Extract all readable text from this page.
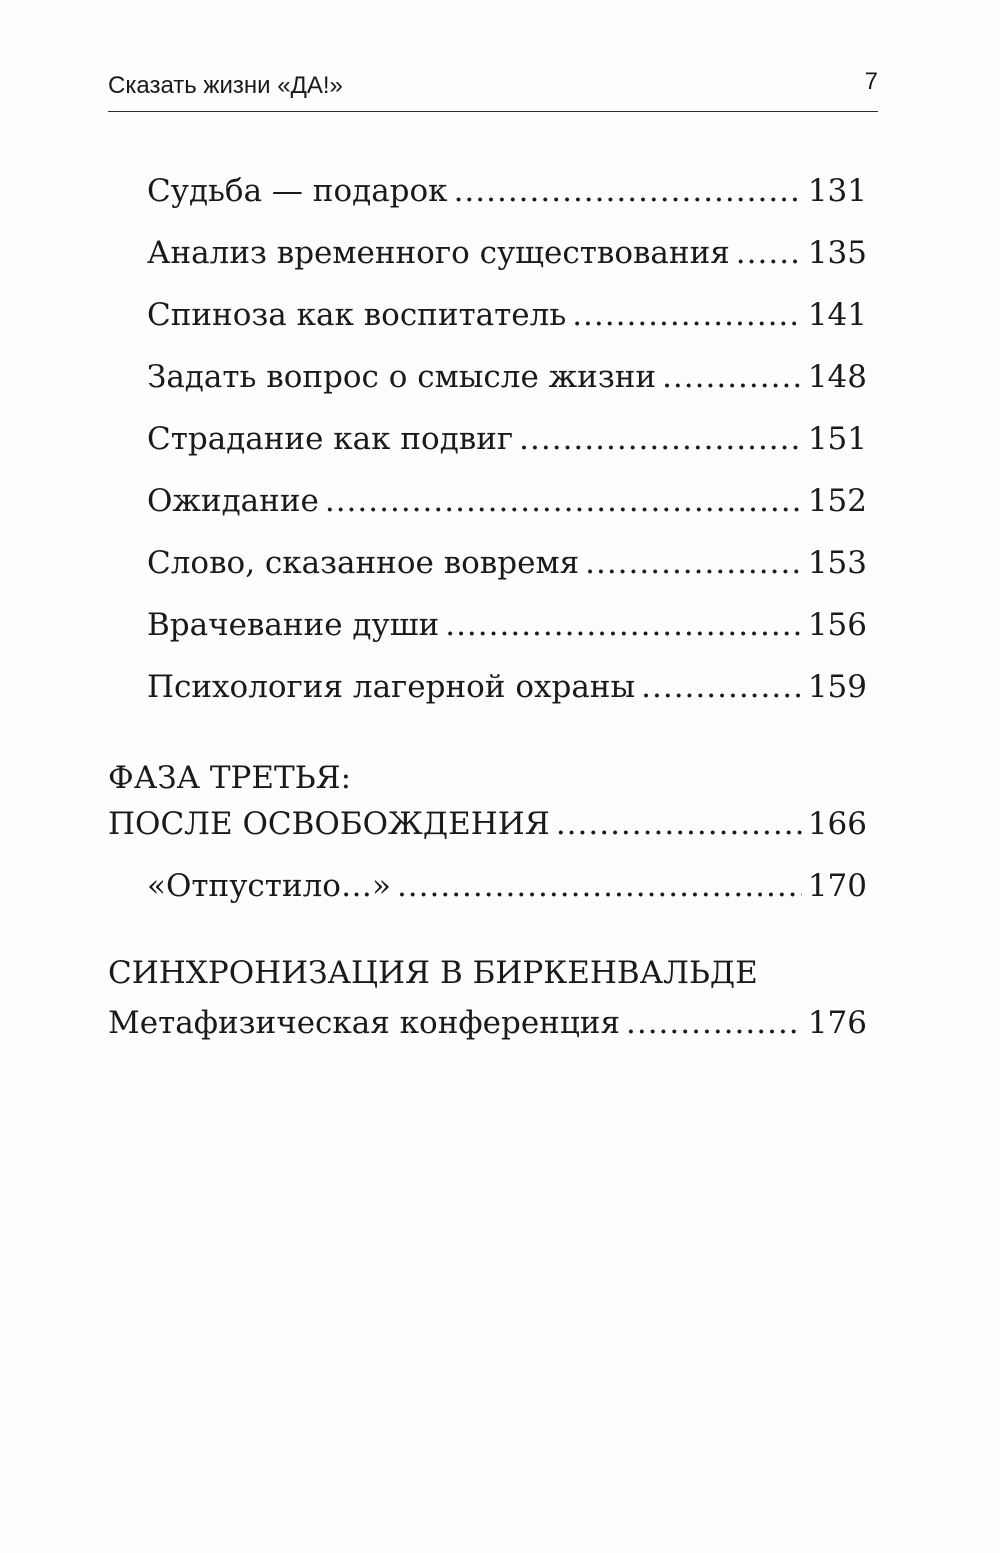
Сказать жизни «ДА!»	7
Судьба — подарок .....	131
Анализ временного существования .....	135
Спиноза как воспитатель .....	141
Задать вопрос о смысле жизни .....	148
Страдание как подвиг .....	151
Ожидание .....	152
Слово, сказанное вовремя .....	153
Врачевание души .....	156
Психология лагерной охраны .....	159
ФАЗА ТРЕТЬЯ:
ПОСЛЕ ОСВОБОЖДЕНИЯ .....	166
«Отпустило…» .....	170
СИНХРОНИЗАЦИЯ В БИРКЕНВАЛЬДЕ
Метафизическая конференция .....	176
